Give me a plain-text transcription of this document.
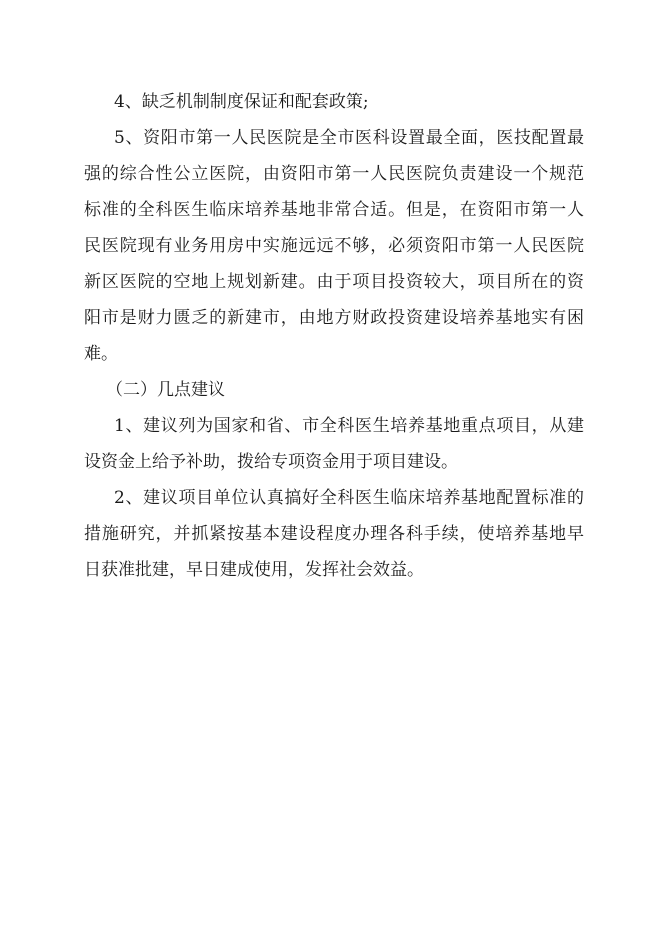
4、缺乏机制制度保证和配套政策;
5、资阳市第一人民医院是全市医科设置最全面，医技配置最
强的综合性公立医院，由资阳市第一人民医院负责建设一个规范
标准的全科医生临床培养基地非常合适。但是，在资阳市第一人
民医院现有业务用房中实施远远不够，必须资阳市第一人民医院
新区医院的空地上规划新建。由于项目投资较大，项目所在的资
阳市是财力匮乏的新建市，由地方财政投资建设培养基地实有困
难。
（二）几点建议
1、建议列为国家和省、市全科医生培养基地重点项目，从建
设资金上给予补助，拨给专项资金用于项目建设。
2、建议项目单位认真搞好全科医生临床培养基地配置标准的
措施研究，并抓紧按基本建设程度办理各科手续，使培养基地早
日获准批建，早日建成使用，发挥社会效益。
